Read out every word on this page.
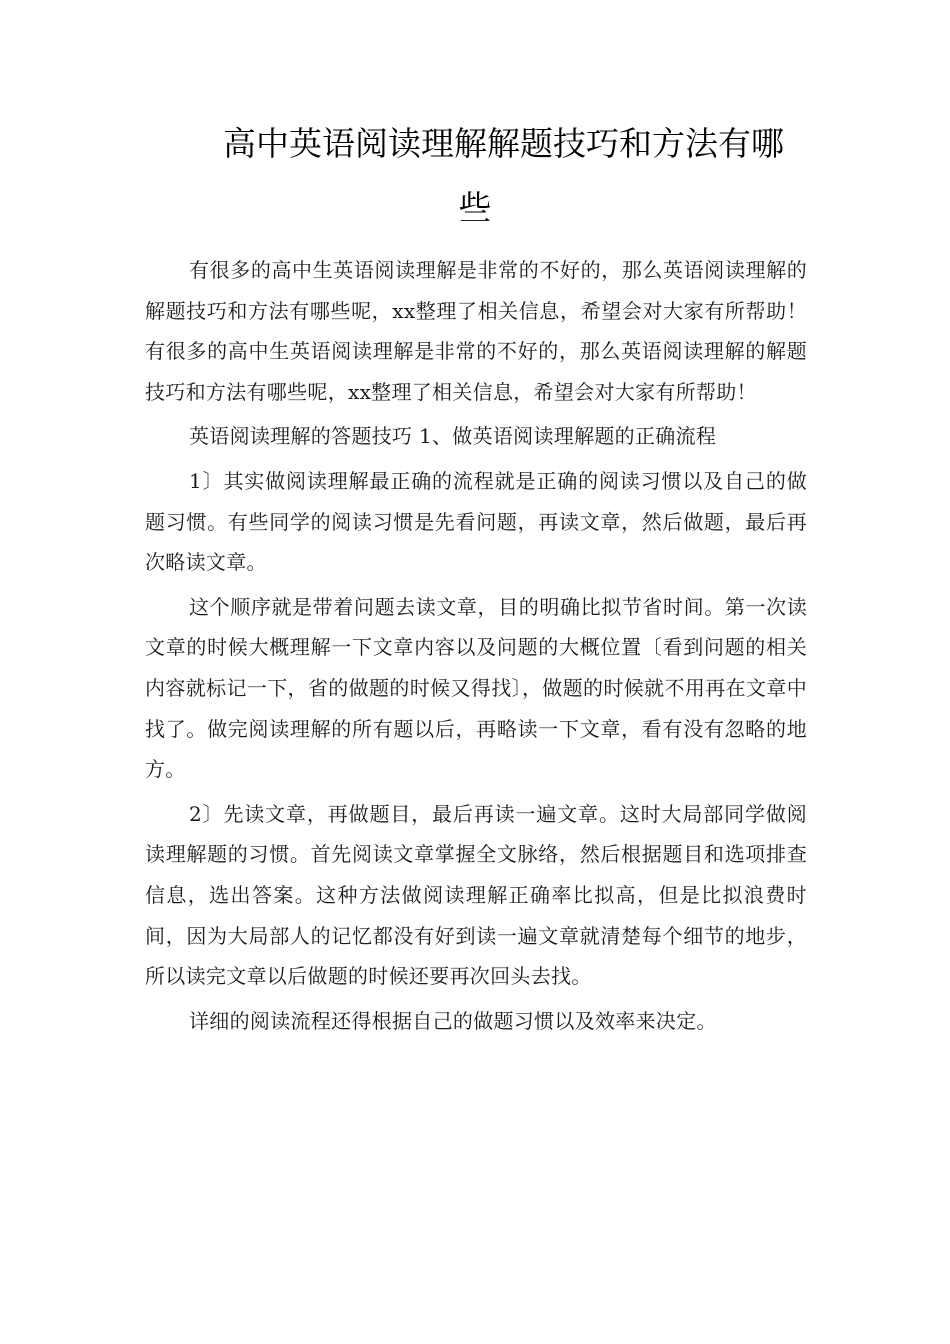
高中英语阅读理解解题技巧和方法有哪
些

有很多的高中生英语阅读理解是非常的不好的，那么英语阅读理解的解题技巧和方法有哪些呢，xx整理了相关信息，希望会对大家有所帮助！有很多的高中生英语阅读理解是非常的不好的，那么英语阅读理解的解题技巧和方法有哪些呢，xx整理了相关信息，希望会对大家有所帮助！

英语阅读理解的答题技巧 1、做英语阅读理解题的正确流程

1〕其实做阅读理解最正确的流程就是正确的阅读习惯以及自己的做题习惯。有些同学的阅读习惯是先看问题，再读文章，然后做题，最后再次略读文章。

这个顺序就是带着问题去读文章，目的明确比拟节省时间。第一次读文章的时候大概理解一下文章内容以及问题的大概位置〔看到问题的相关内容就标记一下，省的做题的时候又得找〕，做题的时候就不用再在文章中找了。做完阅读理解的所有题以后，再略读一下文章，看有没有忽略的地方。

2〕先读文章，再做题目，最后再读一遍文章。这时大局部同学做阅读理解题的习惯。首先阅读文章掌握全文脉络，然后根据题目和选项排查信息，选出答案。这种方法做阅读理解正确率比拟高，但是比拟浪费时间，因为大局部人的记忆都没有好到读一遍文章就清楚每个细节的地步，所以读完文章以后做题的时候还要再次回头去找。

详细的阅读流程还得根据自己的做题习惯以及效率来决定。
